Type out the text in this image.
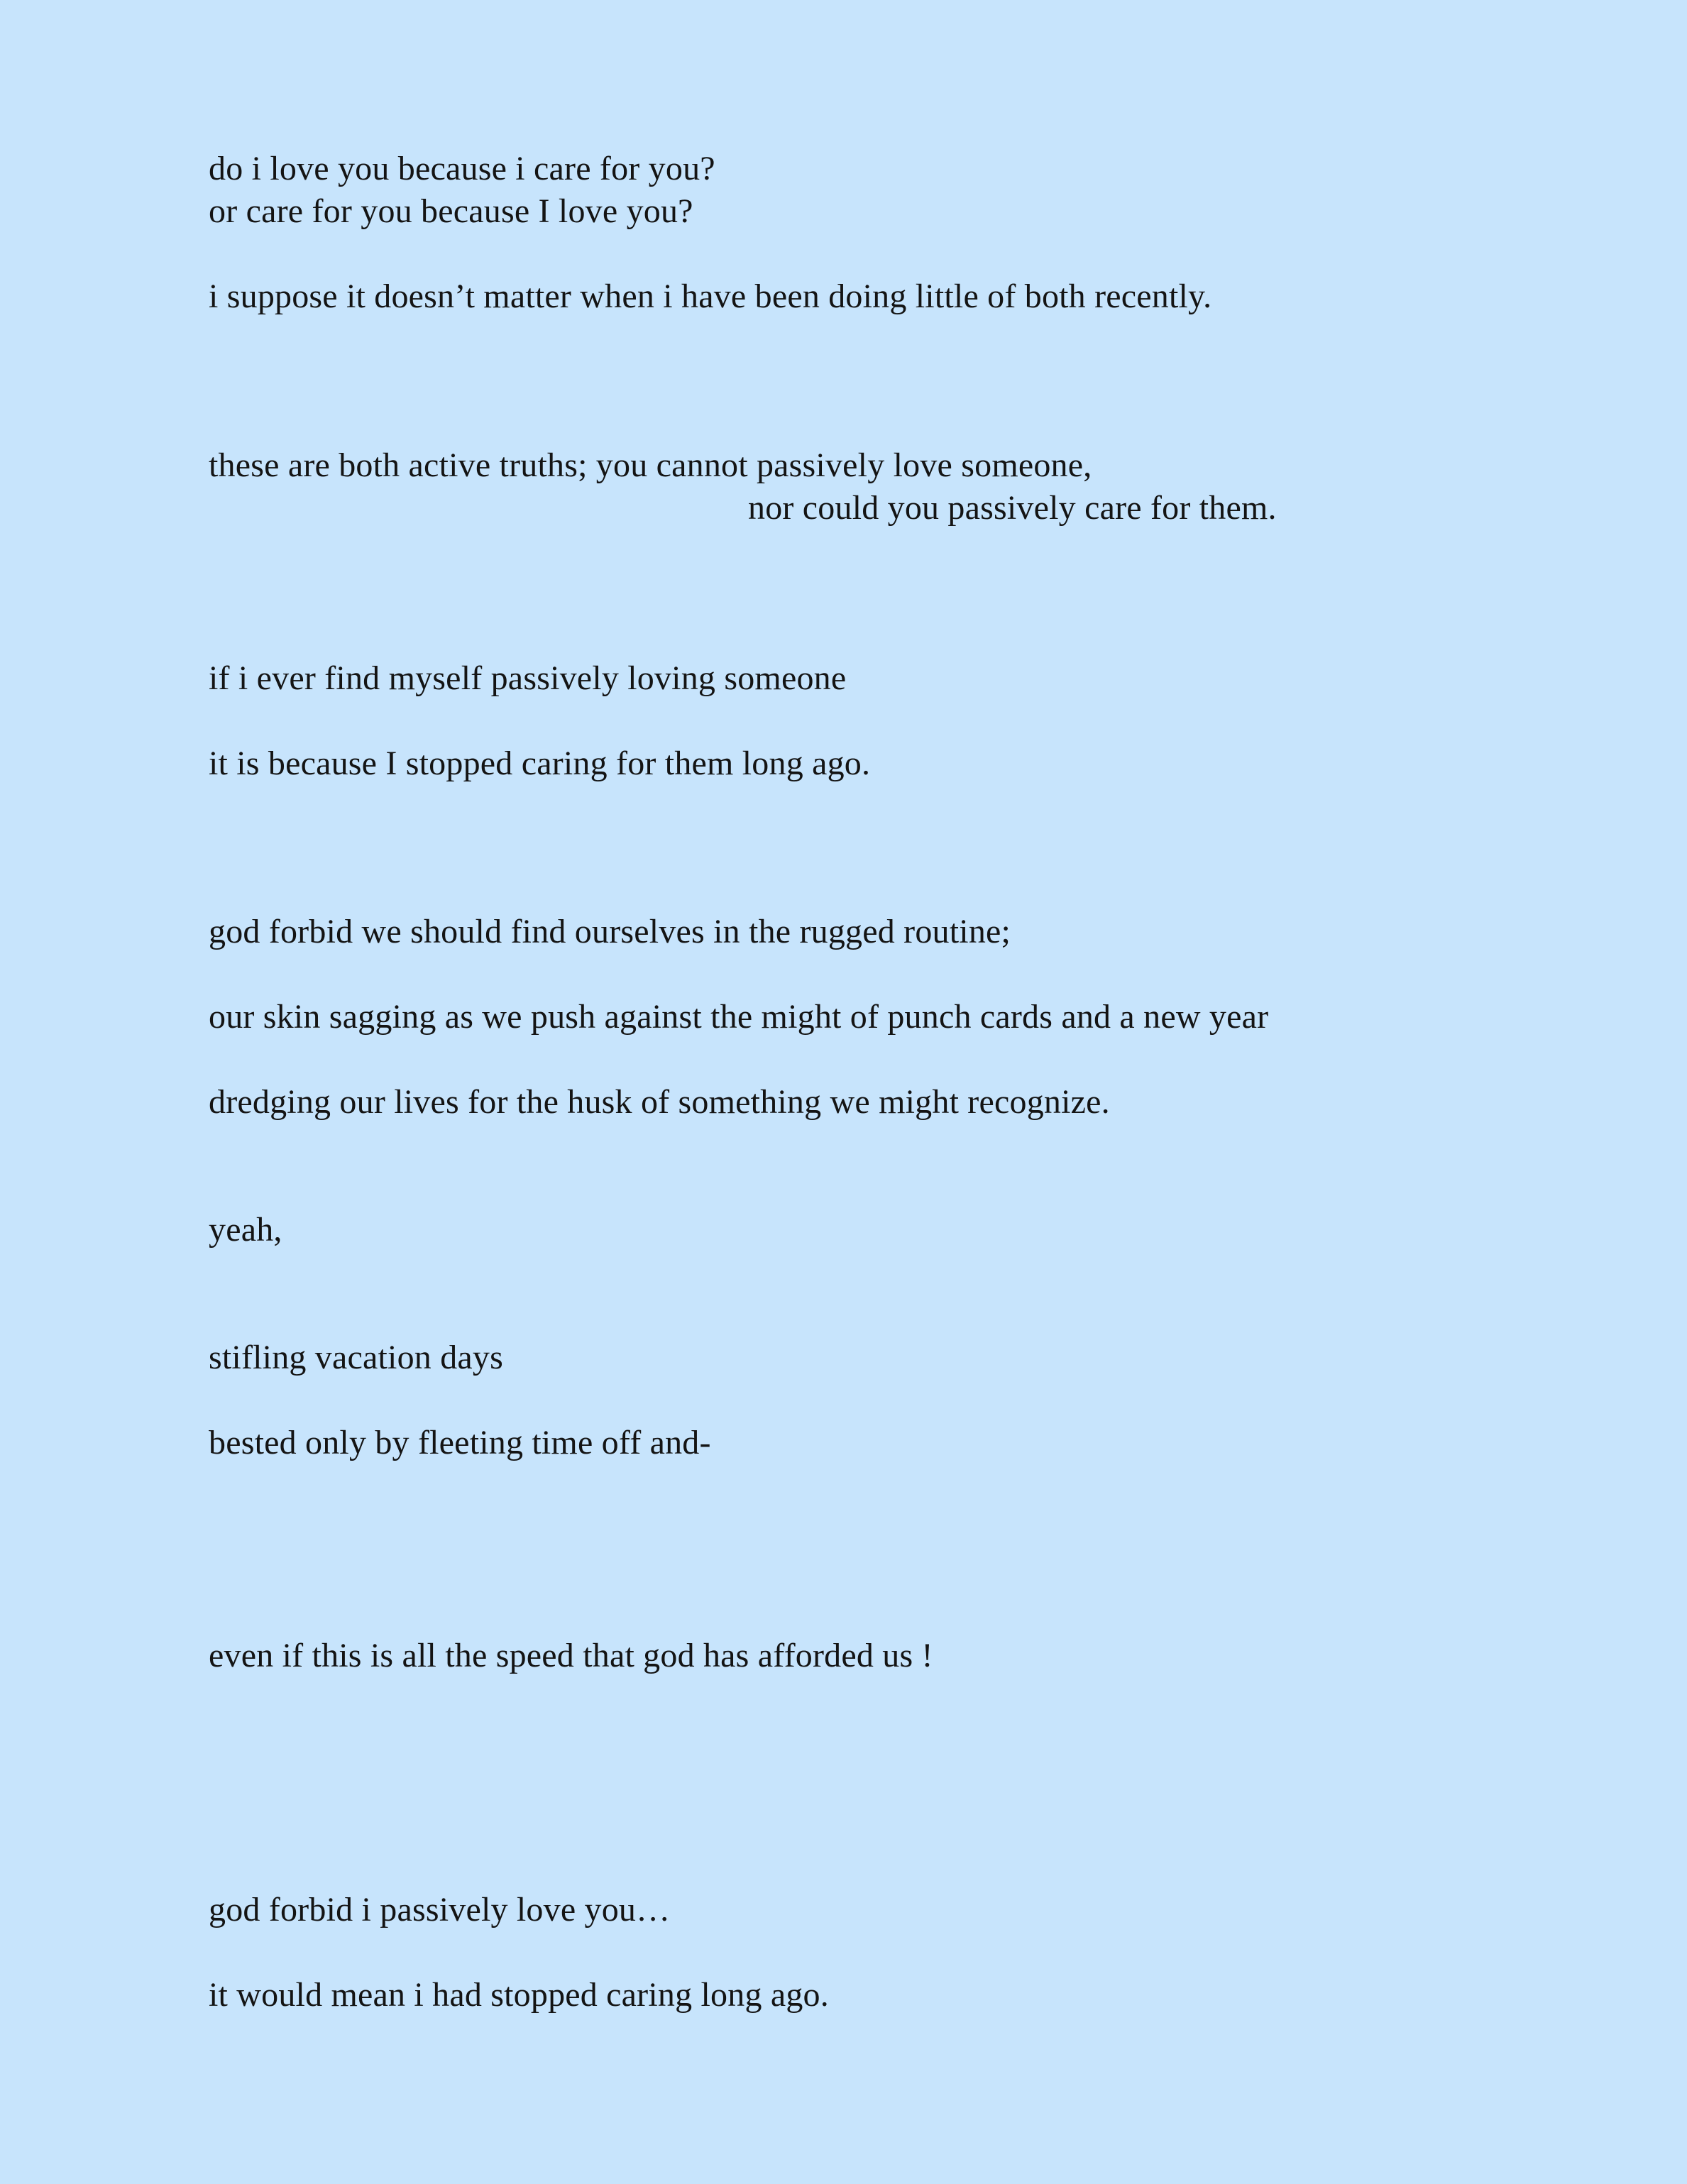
do i love you because i care for you?
or care for you because I love you?
i suppose it doesn’t matter when i have been doing little of both recently.
these are both active truths; you cannot passively love someone,
nor could you passively care for them.
if i ever find myself passively loving someone
it is because I stopped caring for them long ago.
god forbid we should find ourselves in the rugged routine;
our skin sagging as we push against the might of punch cards and a new year
dredging our lives for the husk of something we might recognize.
yeah,
stifling vacation days
bested only by fleeting time off and-
even if this is all the speed that god has afforded us !
god forbid i passively love you…
it would mean i had stopped caring long ago.
